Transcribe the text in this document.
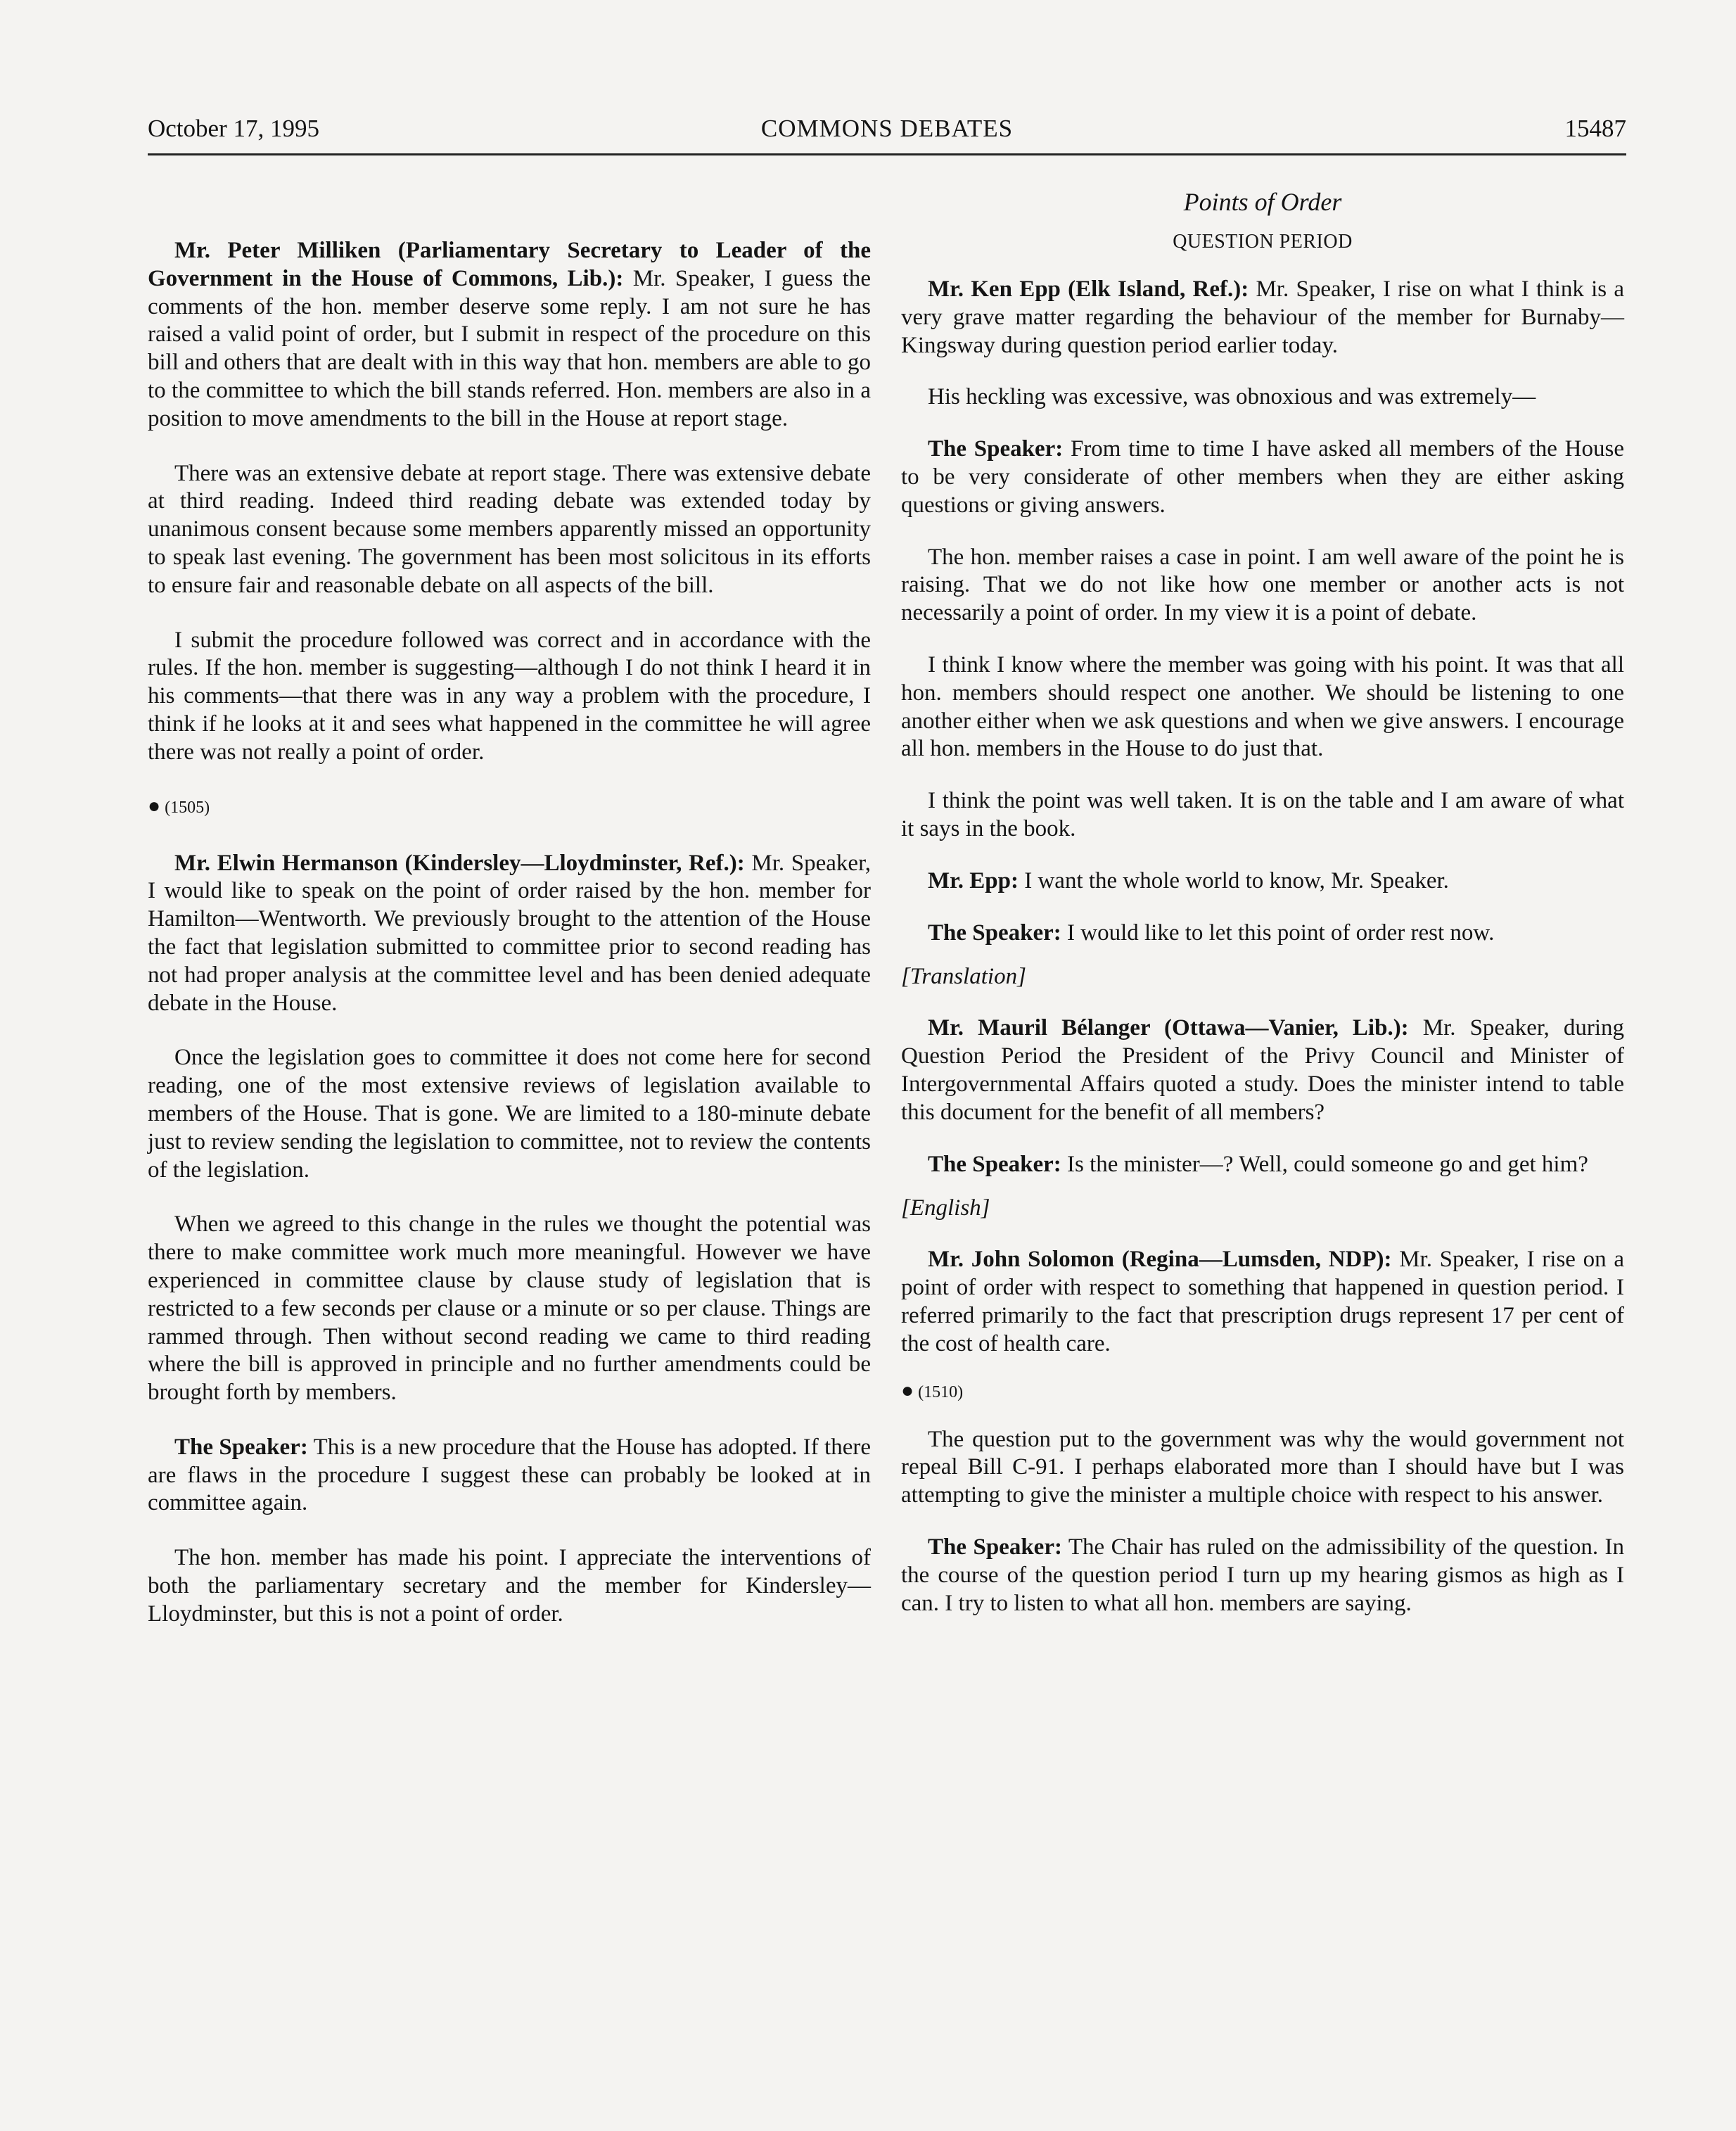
October 17, 1995	COMMONS DEBATES	15487

Mr. Peter Milliken (Parliamentary Secretary to Leader of the Government in the House of Commons, Lib.): Mr. Speaker, I guess the comments of the hon. member deserve some reply. I am not sure he has raised a valid point of order, but I submit in respect of the procedure on this bill and others that are dealt with in this way that hon. members are able to go to the committee to which the bill stands referred. Hon. members are also in a position to move amendments to the bill in the House at report stage.

There was an extensive debate at report stage. There was extensive debate at third reading. Indeed third reading debate was extended today by unanimous consent because some members apparently missed an opportunity to speak last evening. The government has been most solicitous in its efforts to ensure fair and reasonable debate on all aspects of the bill.

I submit the procedure followed was correct and in accordance with the rules. If the hon. member is suggesting—although I do not think I heard it in his comments—that there was in any way a problem with the procedure, I think if he looks at it and sees what happened in the committee he will agree there was not really a point of order.

● (1505)

Mr. Elwin Hermanson (Kindersley—Lloydminster, Ref.): Mr. Speaker, I would like to speak on the point of order raised by the hon. member for Hamilton—Wentworth. We previously brought to the attention of the House the fact that legislation submitted to committee prior to second reading has not had proper analysis at the committee level and has been denied adequate debate in the House.

Once the legislation goes to committee it does not come here for second reading, one of the most extensive reviews of legislation available to members of the House. That is gone. We are limited to a 180-minute debate just to review sending the legislation to committee, not to review the contents of the legislation.

When we agreed to this change in the rules we thought the potential was there to make committee work much more meaningful. However we have experienced in committee clause by clause study of legislation that is restricted to a few seconds per clause or a minute or so per clause. Things are rammed through. Then without second reading we came to third reading where the bill is approved in principle and no further amendments could be brought forth by members.

The Speaker: This is a new procedure that the House has adopted. If there are flaws in the procedure I suggest these can probably be looked at in committee again.

The hon. member has made his point. I appreciate the interventions of both the parliamentary secretary and the member for Kindersley—Lloydminster, but this is not a point of order.

Points of Order

QUESTION PERIOD

Mr. Ken Epp (Elk Island, Ref.): Mr. Speaker, I rise on what I think is a very grave matter regarding the behaviour of the member for Burnaby—Kingsway during question period earlier today.

His heckling was excessive, was obnoxious and was extremely—

The Speaker: From time to time I have asked all members of the House to be very considerate of other members when they are either asking questions or giving answers.

The hon. member raises a case in point. I am well aware of the point he is raising. That we do not like how one member or another acts is not necessarily a point of order. In my view it is a point of debate.

I think I know where the member was going with his point. It was that all hon. members should respect one another. We should be listening to one another either when we ask questions and when we give answers. I encourage all hon. members in the House to do just that.

I think the point was well taken. It is on the table and I am aware of what it says in the book.

Mr. Epp: I want the whole world to know, Mr. Speaker.

The Speaker: I would like to let this point of order rest now.

[Translation]

Mr. Mauril Bélanger (Ottawa—Vanier, Lib.): Mr. Speaker, during Question Period the President of the Privy Council and Minister of Intergovernmental Affairs quoted a study. Does the minister intend to table this document for the benefit of all members?

The Speaker: Is the minister—? Well, could someone go and get him?

[English]

Mr. John Solomon (Regina—Lumsden, NDP): Mr. Speaker, I rise on a point of order with respect to something that happened in question period. I referred primarily to the fact that prescription drugs represent 17 per cent of the cost of health care.

● (1510)

The question put to the government was why the would government not repeal Bill C-91. I perhaps elaborated more than I should have but I was attempting to give the minister a multiple choice with respect to his answer.

The Speaker: The Chair has ruled on the admissibility of the question. In the course of the question period I turn up my hearing gismos as high as I can. I try to listen to what all hon. members are saying.
